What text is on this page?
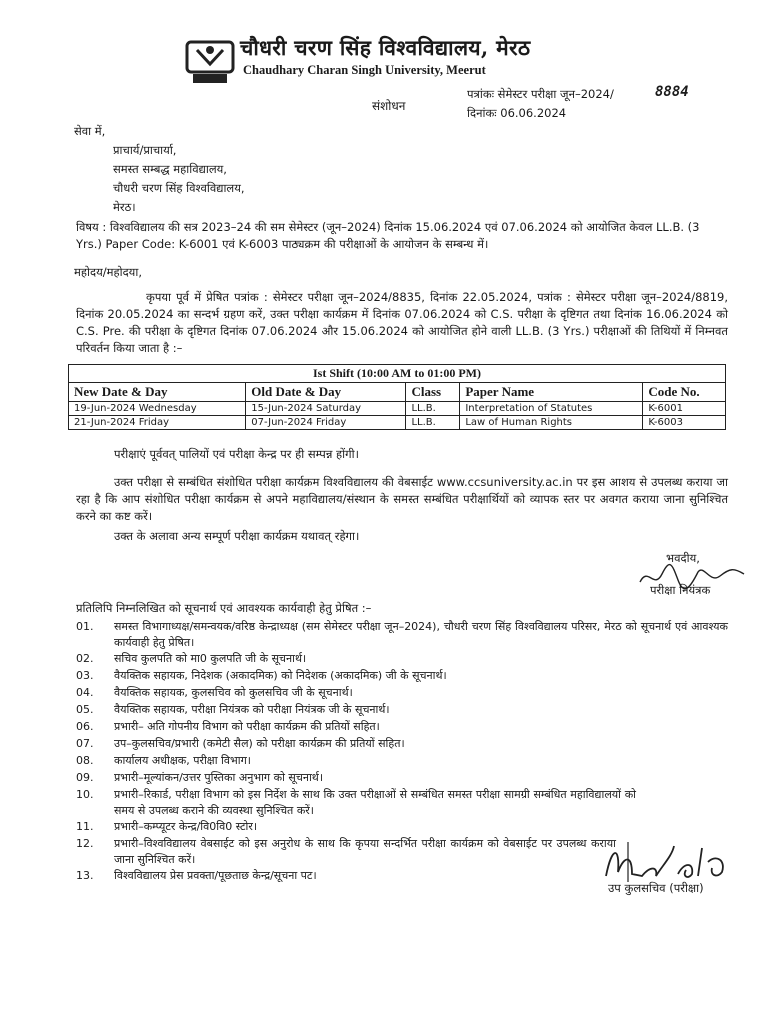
चौधरी चरण सिंह विश्वविद्यालय, मेरठ
Chaudhary Charan Singh University, Meerut
संशोधन
पत्रांकः सेमेस्टर परीक्षा जून–2024/	8884
दिनांकः 06.06.2024
सेवा में,
प्राचार्य/प्राचार्या,
समस्त सम्बद्ध महाविद्यालय,
चौधरी चरण सिंह विश्वविद्यालय,
मेरठ।
विषय : विश्वविद्यालय की सत्र 2023–24 की सम सेमेस्टर (जून–2024) दिनांक 15.06.2024 एवं 07.06.2024 को आयोजित केवल LL.B. (3 Yrs.) Paper Code: K-6001 एवं K-6003 पाठ्यक्रम की परीक्षाओं के आयोजन के सम्बन्ध में।
महोदय/महोदया,
कृपया पूर्व में प्रेषित पत्रांक : सेमेस्टर परीक्षा जून–2024/8835, दिनांक 22.05.2024, पत्रांक : सेमेस्टर परीक्षा जून–2024/8819, दिनांक 20.05.2024 का सन्दर्भ ग्रहण करें, उक्त परीक्षा कार्यक्रम में दिनांक 07.06.2024 को C.S. परीक्षा के दृष्टिगत तथा दिनांक 16.06.2024 को C.S. Pre. की परीक्षा के दृष्टिगत दिनांक 07.06.2024 और 15.06.2024 को आयोजित होने वाली LL.B. (3 Yrs.) परीक्षाओं की तिथियों में निम्नवत परिवर्तन किया जाता है :–
Ist Shift (10:00 AM to 01:00 PM)				
New Date & Day	Old Date & Day	Class	Paper Name	Code No.
19-Jun-2024 Wednesday	15-Jun-2024 Saturday	LL.B.	Interpretation of Statutes	K-6001
21-Jun-2024 Friday	07-Jun-2024 Friday	LL.B.	Law of Human Rights	K-6003
परीक्षाएं पूर्ववत् पालियों एवं परीक्षा केन्द्र पर ही सम्पन्न होंगी।
उक्त परीक्षा से सम्बंधित संशोधित परीक्षा कार्यक्रम विश्वविद्यालय की वेबसाईट www.ccsuniversity.ac.in पर इस आशय से उपलब्ध कराया जा रहा है कि आप संशोधित परीक्षा कार्यक्रम से अपने महाविद्यालय/संस्थान के समस्त सम्बंधित परीक्षार्थियों को व्यापक स्तर पर अवगत कराया जाना सुनिश्चित करने का कष्ट करें।
उक्त के अलावा अन्य सम्पूर्ण परीक्षा कार्यक्रम यथावत् रहेगा।
भवदीय,
परीक्षा नियंत्रक
प्रतिलिपि निम्नलिखित को सूचनार्थ एवं आवश्यक कार्यवाही हेतु प्रेषित :–
01.	समस्त विभागाध्यक्ष/समन्वयक/वरिष्ठ केन्द्राध्यक्ष (सम सेमेस्टर परीक्षा जून–2024), चौधरी चरण सिंह विश्वविद्यालय परिसर, मेरठ को सूचनार्थ एवं आवश्यक कार्यवाही हेतु प्रेषित।
02.	सचिव कुलपति को मा0 कुलपति जी के सूचनार्थ।
03.	वैयक्तिक सहायक, निदेशक (अकादमिक) को निदेशक (अकादमिक) जी के सूचनार्थ।
04.	वैयक्तिक सहायक, कुलसचिव को कुलसचिव जी के सूचनार्थ।
05.	वैयक्तिक सहायक, परीक्षा नियंत्रक को परीक्षा नियंत्रक जी के सूचनार्थ।
06.	प्रभारी– अति गोपनीय विभाग को परीक्षा कार्यक्रम की प्रतियों सहित।
07.	उप–कुलसचिव/प्रभारी (कमेटी सैल) को परीक्षा कार्यक्रम की प्रतियों सहित।
08.	कार्यालय अधीक्षक, परीक्षा विभाग।
09.	प्रभारी–मूल्यांकन/उत्तर पुस्तिका अनुभाग को सूचनार्थ।
10.	प्रभारी–रिकार्ड, परीक्षा विभाग को इस निर्देश के साथ कि उक्त परीक्षाओं से सम्बंधित समस्त परीक्षा सामग्री सम्बंधित महाविद्यालयों को समय से उपलब्ध कराने की व्यवस्था सुनिश्चित करें।
11.	प्रभारी–कम्प्यूटर केन्द्र/वि0वि0 स्टोर।
12.	प्रभारी–विश्वविद्यालय वेबसाईट को इस अनुरोध के साथ कि कृपया सन्दर्भित परीक्षा कार्यक्रम को वेबसाईट पर उपलब्ध कराया जाना सुनिश्चित करें।
13.	विश्वविद्यालय प्रेस प्रवक्ता/पूछताछ केन्द्र/सूचना पट।
उप कुलसचिव (परीक्षा)
